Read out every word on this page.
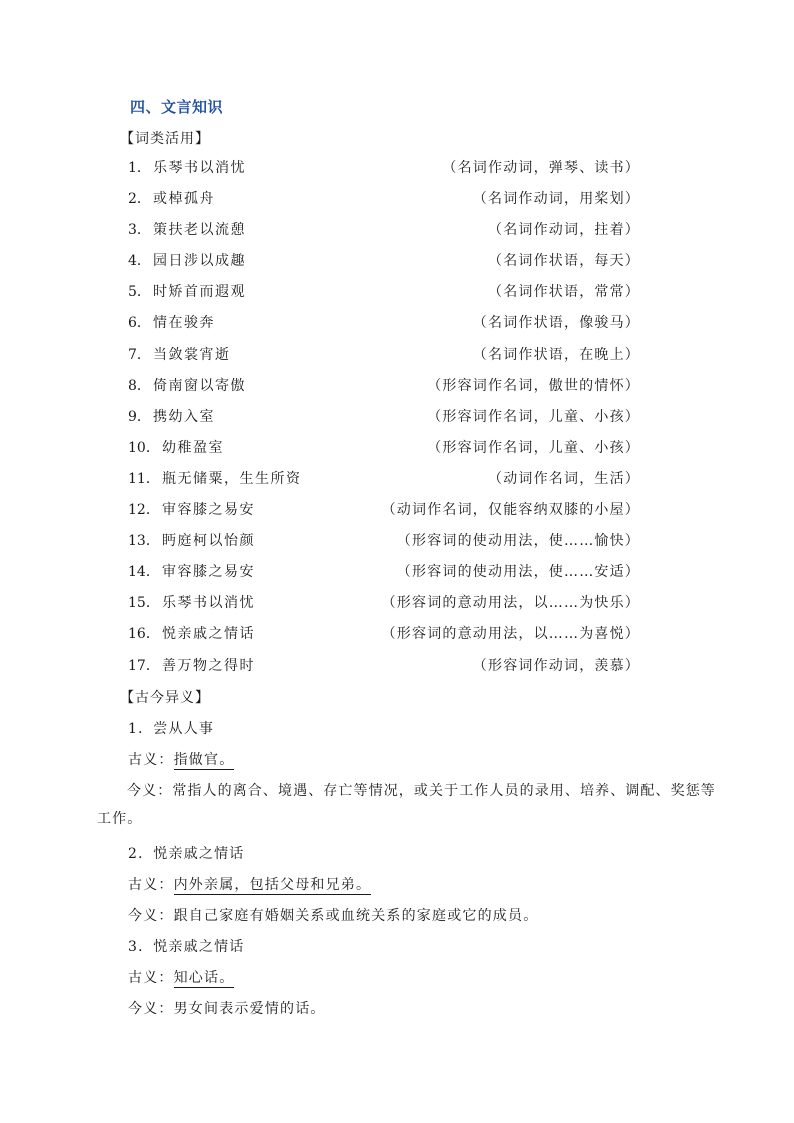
四、文言知识
【词类活用】
1． 乐琴书以消忧	（名词作动词，弹琴、读书）
2． 或棹孤舟	（名词作动词，用桨划）
3． 策扶老以流憩	（名词作动词，拄着）
4． 园日涉以成趣	（名词作状语，每天）
5． 时矫首而遐观	（名词作状语，常常）
6． 情在骏奔	（名词作状语，像骏马）
7． 当敛裳宵逝	（名词作状语，在晚上）
8． 倚南窗以寄傲	（形容词作名词，傲世的情怀）
9． 携幼入室	（形容词作名词，儿童、小孩）
10． 幼稚盈室	（形容词作名词，儿童、小孩）
11． 瓶无储粟，生生所资	（动词作名词，生活）
12． 审容膝之易安	（动词作名词，仅能容纳双膝的小屋）
13． 眄庭柯以怡颜	（形容词的使动用法，使……愉快）
14． 审容膝之易安	（形容词的使动用法，使……安适）
15． 乐琴书以消忧	（形容词的意动用法，以……为快乐）
16． 悦亲戚之情话	（形容词的意动用法，以……为喜悦）
17． 善万物之得时	（形容词作动词，羡慕）
【古今异义】
1．尝从人事
古义：指做官。
今义：常指人的离合、境遇、存亡等情况，或关于工作人员的录用、培养、调配、奖惩等工作。
2．悦亲戚之情话
古义：内外亲属，包括父母和兄弟。
今义：跟自己家庭有婚姻关系或血统关系的家庭或它的成员。
3．悦亲戚之情话
古义：知心话。
今义：男女间表示爱情的话。
